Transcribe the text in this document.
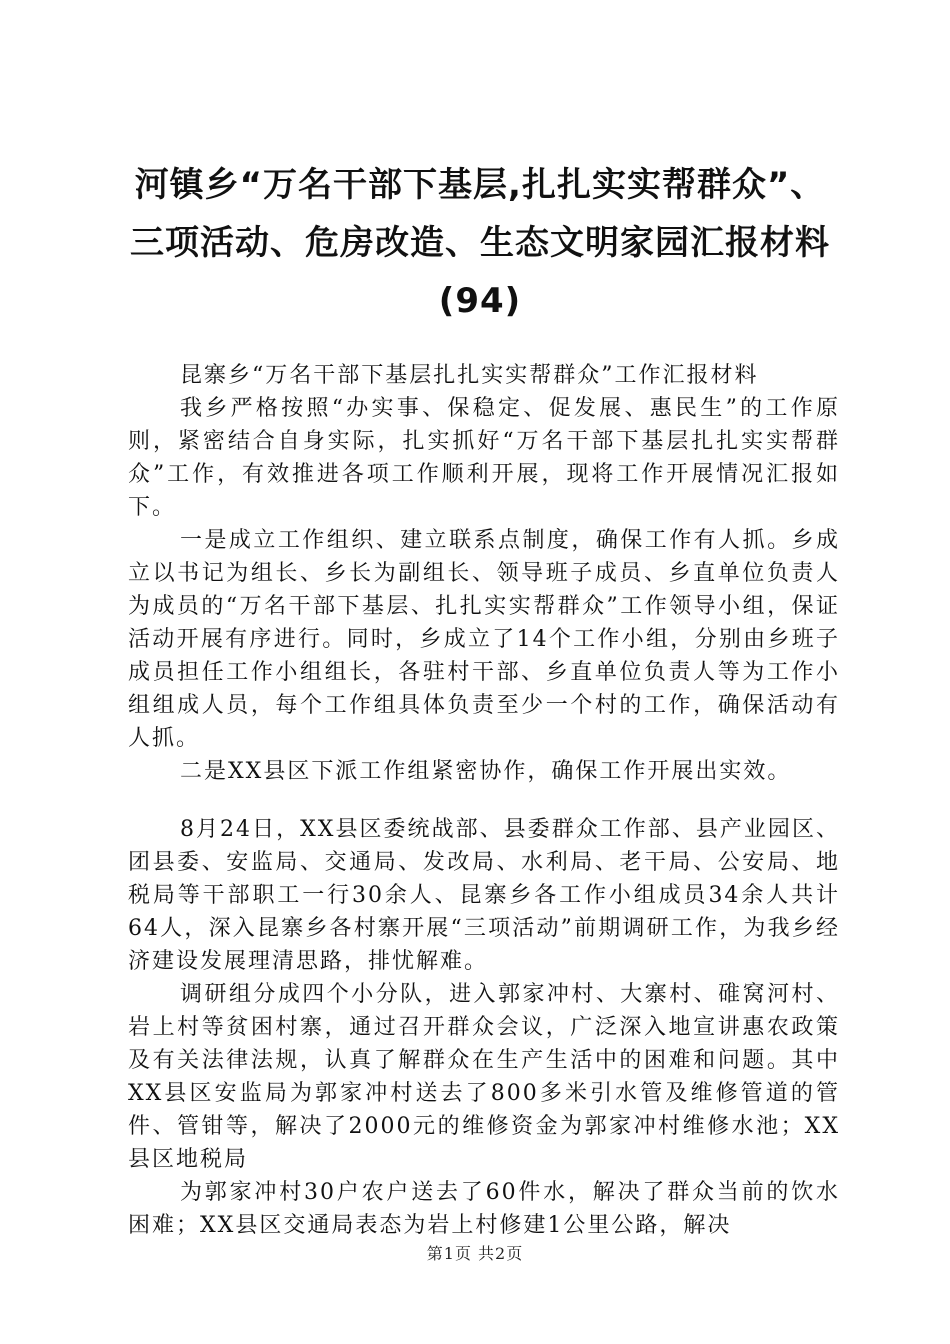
河镇乡“万名干部下基层,扎扎实实帮群众”、
三项活动、危房改造、生态文明家园汇报材料
(94)

昆寨乡“万名干部下基层扎扎实实帮群众”工作汇报材料

我乡严格按照“办实事、保稳定、促发展、惠民生”的工作原则，紧密结合自身实际，扎实抓好“万名干部下基层扎扎实实帮群众”工作，有效推进各项工作顺利开展，现将工作开展情况汇报如下。

一是成立工作组织、建立联系点制度，确保工作有人抓。乡成立以书记为组长、乡长为副组长、领导班子成员、乡直单位负责人为成员的“万名干部下基层、扎扎实实帮群众”工作领导小组，保证活动开展有序进行。同时，乡成立了14个工作小组，分别由乡班子成员担任工作小组组长，各驻村干部、乡直单位负责人等为工作小组组成人员，每个工作组具体负责至少一个村的工作，确保活动有人抓。

二是XX县区下派工作组紧密协作，确保工作开展出实效。

8月24日，XX县区委统战部、县委群众工作部、县产业园区、团县委、安监局、交通局、发改局、水利局、老干局、公安局、地税局等干部职工一行30余人、昆寨乡各工作小组成员34余人共计64人，深入昆寨乡各村寨开展“三项活动”前期调研工作，为我乡经济建设发展理清思路，排忧解难。

调研组分成四个小分队，进入郭家冲村、大寨村、碓窝河村、岩上村等贫困村寨，通过召开群众会议，广泛深入地宣讲惠农政策及有关法律法规，认真了解群众在生产生活中的困难和问题。其中XX县区安监局为郭家冲村送去了800多米引水管及维修管道的管件、管钳等，解决了2000元的维修资金为郭家冲村维修水池；XX县区地税局

为郭家冲村30户农户送去了60件水，解决了群众当前的饮水困难；XX县区交通局表态为岩上村修建1公里公路，解决

第1页 共2页
